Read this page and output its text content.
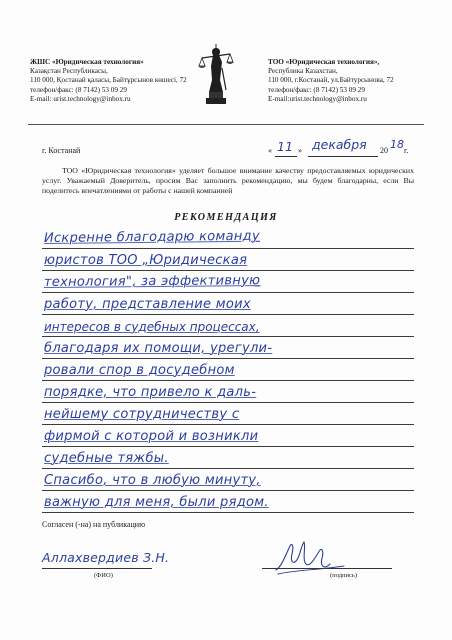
ЖШС «Юридическая технология»
Казақстан Республикасы,
110 000, Қостанай қаласы, Байтұрсынов көшесі, 72
телефон/факс: (8 7142) 53 09 29
E-mail: urist.technology@inbox.ru
ТОО «Юридическая технология»,
Республика Казахстан,
110 000, г.Костанай, ул.Байтурсынова, 72
телефон/факс: (8 7142) 53 09 29
E-mail:urist.technology@inbox.ru
г. Костанай	« 11 » декабря 20 18 г.
ТОО «Юридическая технология» уделяет большое внимание качеству предоставляемых юридических услуг. Уважаемый Доверитель, просим Вас заполнить рекомендацию, мы будем благодарны, если Вы поделитесь впечатлениями от работы с нашей компанией
РЕКОМЕНДАЦИЯ
Искренне благодарю команду
юристов ТОО „Юридическая
технология", за эффективную
работу, представление моих
интересов в судебных процессах,
благодаря их помощи, урегули-
ровали спор в досудебном
порядке, что привело к даль-
нейшему сотрудничеству с
фирмой с которой и возникли
судебные тяжбы.
Спасибо, что в любую минуту,
важную для меня, были рядом.
Согласен (-на) на публикацию
Аллахвердиев З.Н.
(ФИО)	(подпись)
